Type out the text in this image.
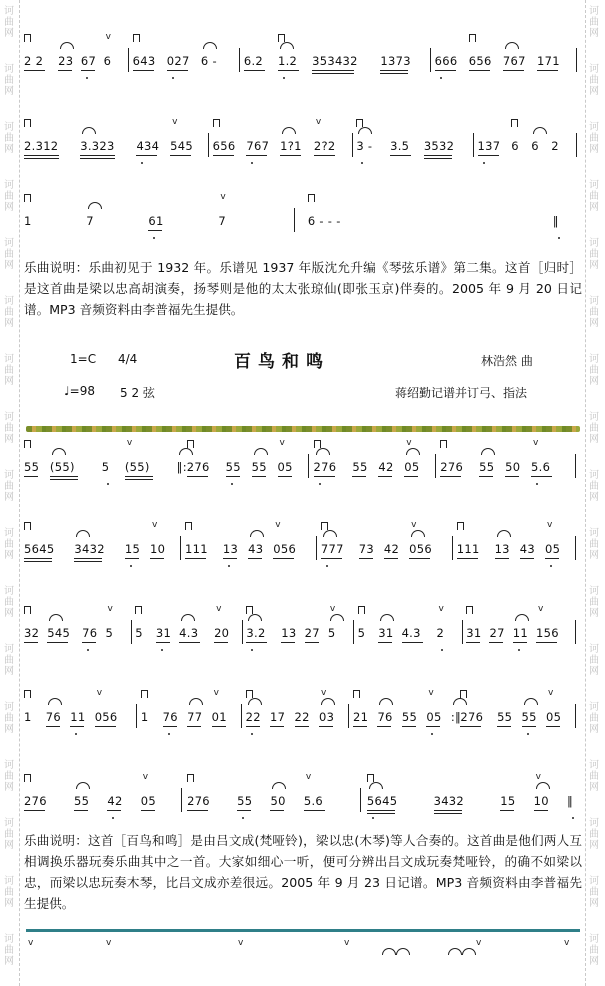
诃
曲
网
诃
曲
网
诃
曲
网
诃
曲
网
诃
曲
网
诃
曲
网
诃
曲
网
诃
曲
网
诃
曲
网
诃
曲
网
诃
曲
网
诃
曲
网
诃
曲
网
诃
曲
网
诃
曲
网
诃
曲
网
诃
曲
网
诃
曲
网
诃
曲
网
诃
曲
网
诃
曲
网
诃
曲
网
诃
曲
网
诃
曲
网
诃
曲
网
诃
曲
网
诃
曲
网
诃
曲
网
诃
曲
网
诃
曲
网
诃
曲
网
诃
曲
网
诃
曲
网
诃
曲
网
2 2 23 67 6
v
643 027 6 - 6.2 1.2 353432 1373 666 656 767 171
2.312 3.323 434 545
v
656 767 1?1 2?2
v
3 - 3.5 3532 137 6 6 2
1	7	61	7
v
6 - - -	‖
乐曲说明：乐曲初见于 1932 年。乐谱见 1937 年版沈允升编《琴弦乐谱》第二集。这首［归时］是这首曲是梁以忠高胡演奏，扬琴则是他的太太张琼仙(即张玉京)伴奏的。2005 年 9 月 20 日记谱。MP3 音频资料由李普福先生提供。
1=C 4/4	百鸟和鸣	林浩然 曲
♩=98 5 2 弦	蒋绍勤记谱并订弓、指法
55 (55) 5 (55)
v
‖: 276 55 55 05
v
276 55 42 05
v
276 55 50 5.6
v
5645 3432 15 10
v
111 13 43 056
v
777 73 42 056
v
111 13 43 05
v
32 545 76 5
v
5 31 4.3 20
v
3.2 13 27 5
v
5 31 4.3 2
v
31 27 11 156
v
1 76 11 056
v
1 76 77 01
v
22 17 22 03
v
21 76 55 05
v
:‖ 276 55 55 05
v
276 55 42 05
v
276 55 50 5.6
v
5645	3432	15 10
v
‖
乐曲说明：这首［百鸟和鸣］是由吕文成(梵哑铃)，梁以忠(木琴)等人合奏的。这首曲是他们两人互相调换乐器玩奏乐曲其中之一首。大家如细心一听，便可分辨出吕文成玩奏梵哑铃，的确不如梁以忠，而梁以忠玩奏木琴，比吕文成亦差很远。2005 年 9 月 23 日记谱。MP3 音频资料由李普福先生提供。
v	v	v	v	v	v
